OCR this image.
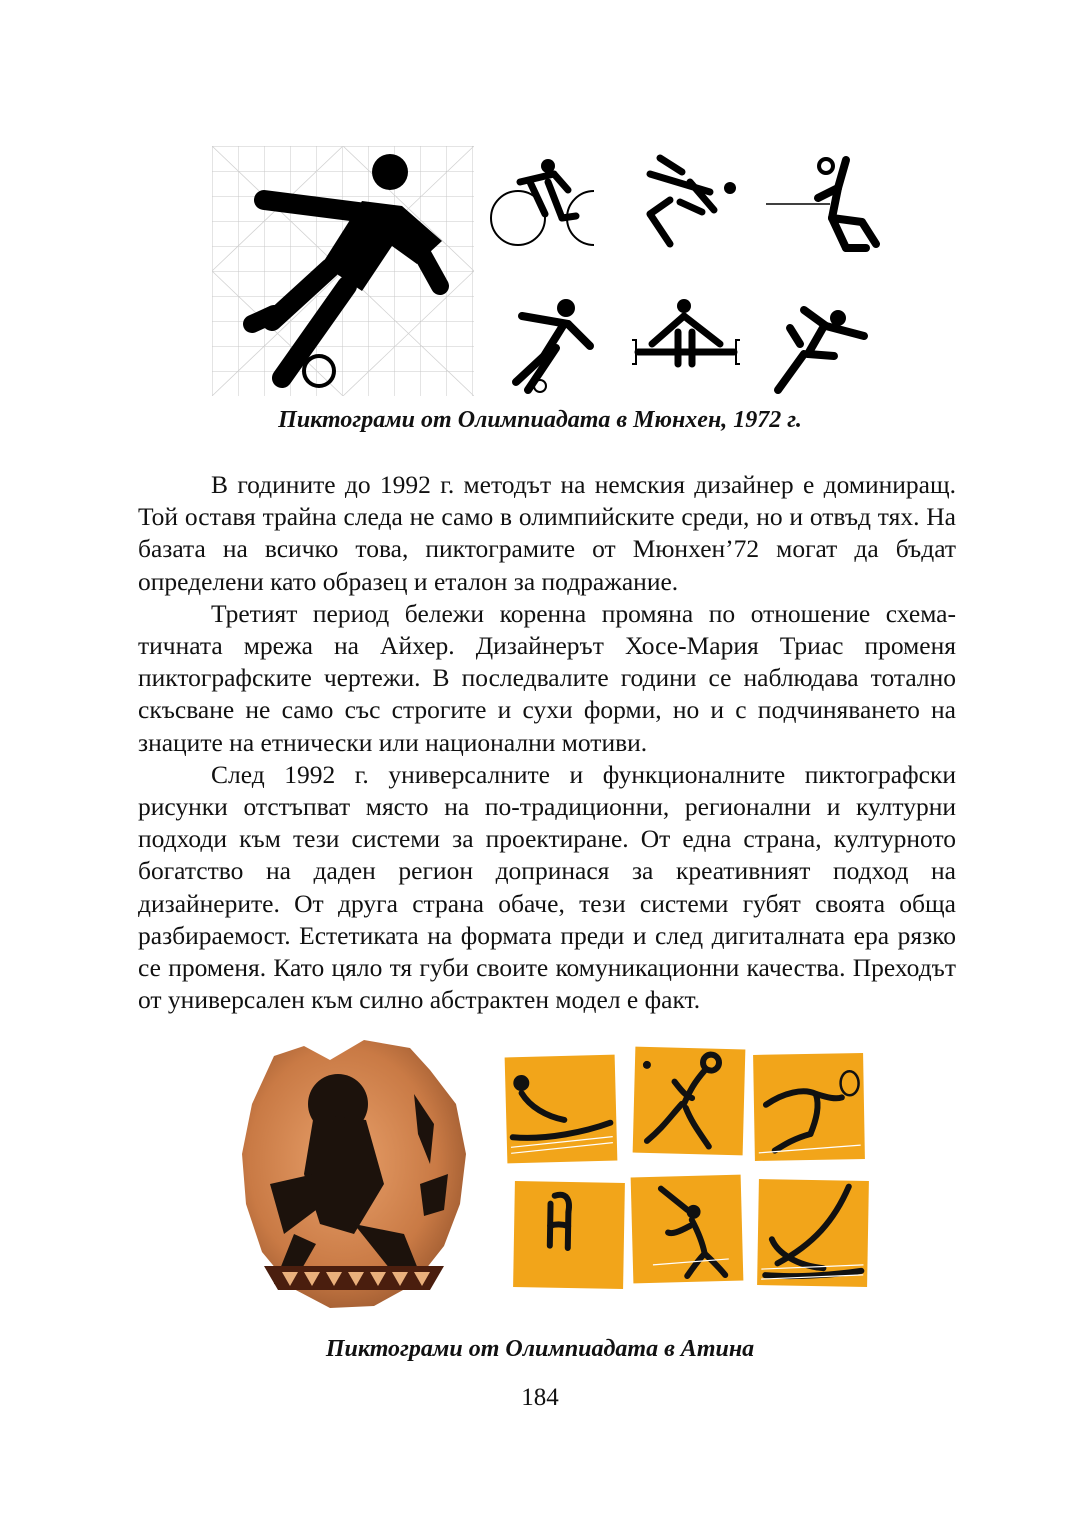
Пиктограми от Олимпиадата в Мюнхен, 1972 г.

В годините до 1992 г. методът на немския дизайнер е доминиращ. Той оставя трайна следа не само в олимпийските среди, но и отвъд тях. На базата на всичко това, пиктограмите от Мюнхен’72 могат да бъдат определени като образец и еталон за подражание.

Третият период бележи коренна промяна по отношение схематичната мрежа на Айхер. Дизайнерът Хосе-Мария Триас променя пиктографските чертежи. В последвалите години се наблюдава тотално скъсване не само със строгите и сухи форми, но и с подчиняването на знаците на етнически или национални мотиви.

След 1992 г. универсалните и функционалните пиктографски рисунки отстъпват място на по-традиционни, регионални и културни подходи към тези системи за проектиране. От една страна, културното богатство на даден регион допринася за креативният подход на дизайнерите. От друга страна обаче, тези системи губят своята обща разбираемост. Естетиката на формата преди и след дигиталната ера рязко се променя. Като цяло тя губи своите комуникационни качества. Преходът от универсален към силно абстрактен модел е факт.

Пиктограми от Олимпиадата в Атина
184
